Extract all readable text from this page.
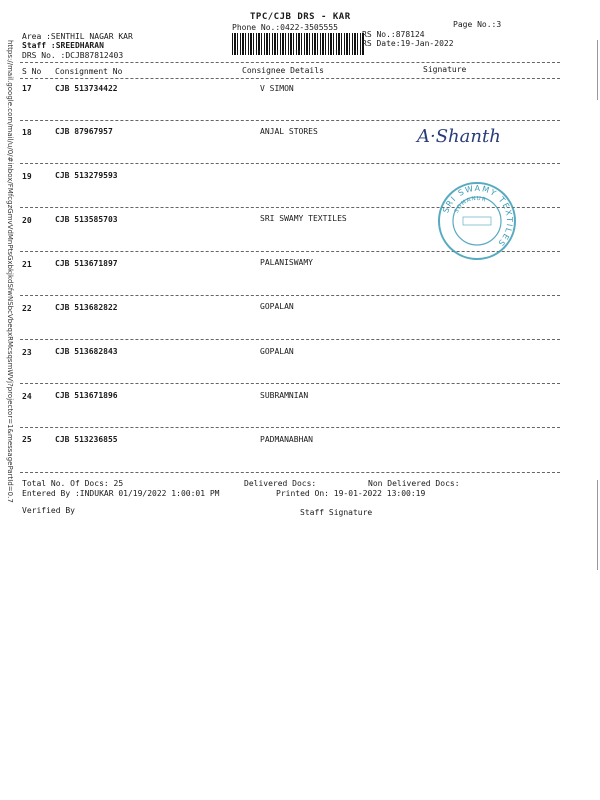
https://mail.google.com/mail/u/0/#inbox/FMfcgzGmvVdMnPtsGxbkjkdSfwNSbcVbeqxRMcsqsmWVj?projector=1&messagePartId=0.7
TPC/CJB DRS - KAR
Phone No.:0422-3505555	Page No.:3
Area :SENTHIL NAGAR KAR
Staff :SREEDHARAN
DRS No. :DCJB87812403
RS No.:878124
RS Date:19-Jan-2022
S No Consignment No	Consignee Details	Signature
17	CJB 513734422	V SIMON
18	CJB 87967957	ANJAL STORES
19	CJB 513279593
20	CJB 513585703	SRI SWAMY TEXTILES
21	CJB 513671897	PALANISWAMY
22	CJB 513682822	GOPALAN
23	CJB 513682843	GOPALAN
24	CJB 513671896	SUBRAMNIAN
25	CJB 513236855	PADMANABHAN
A·Shanth
SRI SWAMY TEXTILES
SOMANUR
Total No. Of Docs: 25	Delivered Docs:	Non Delivered Docs:
Entered By :INDUKAR 01/19/2022 1:00:01 PM	Printed On: 19-01-2022 13:00:19
Verified By	Staff Signature
